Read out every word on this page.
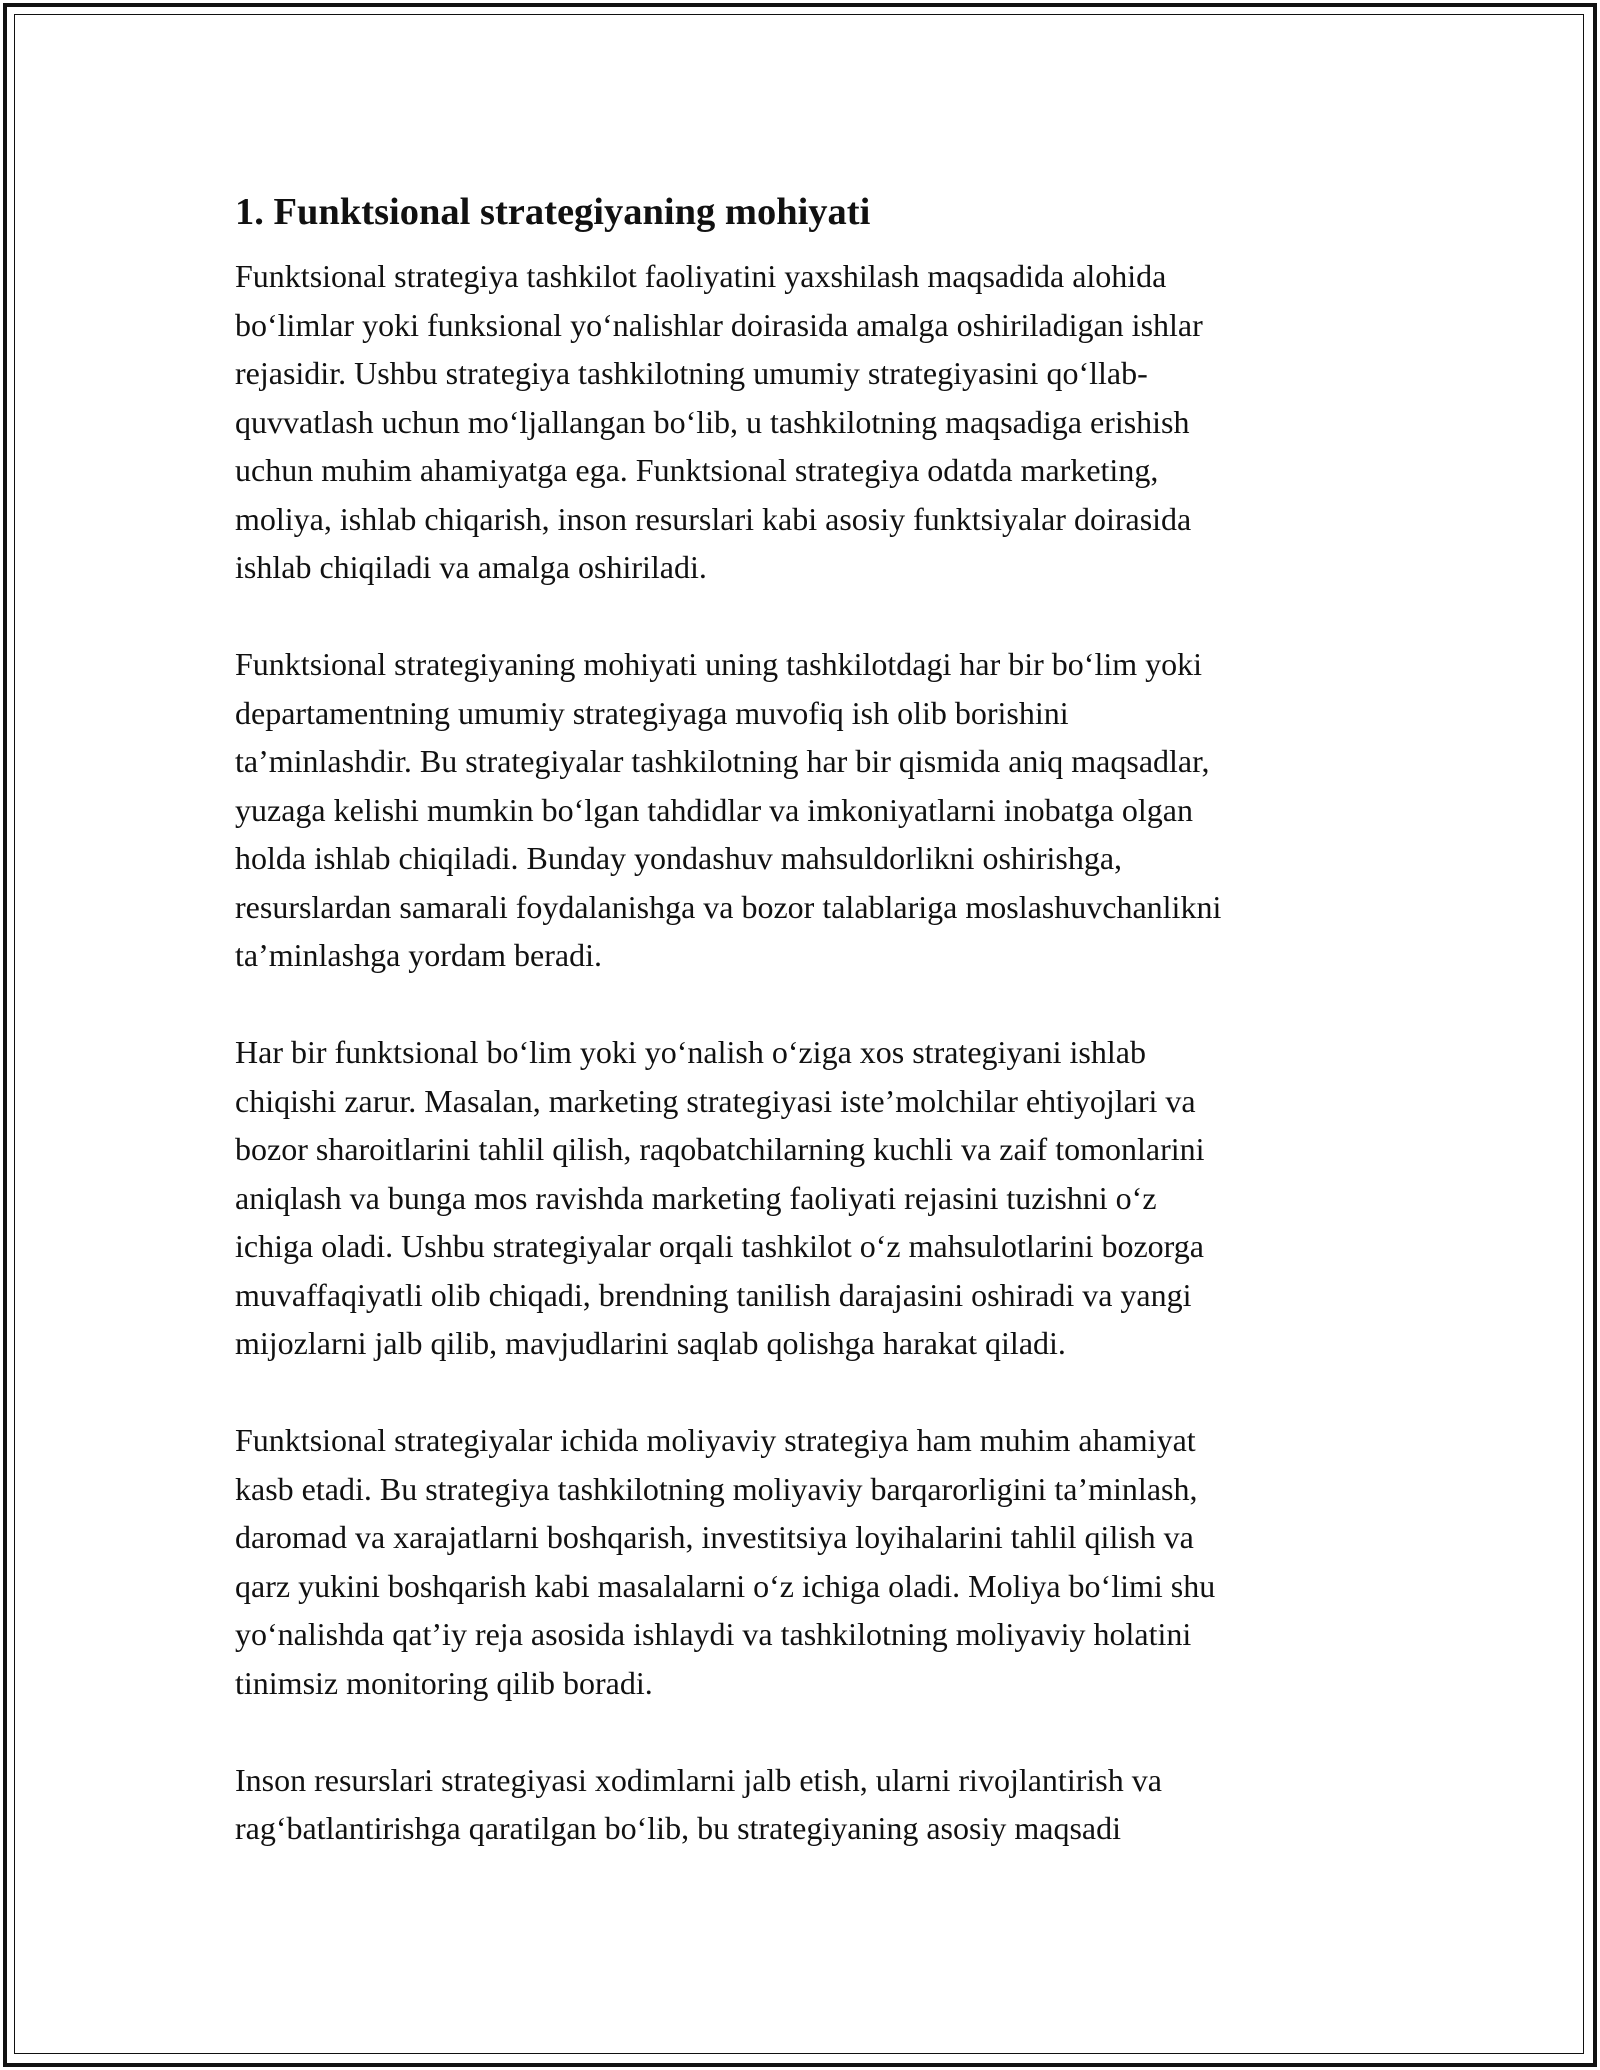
1. Funktsional strategiyaning mohiyati

Funktsional strategiya tashkilot faoliyatini yaxshilash maqsadida alohida
bo‘limlar yoki funksional yo‘nalishlar doirasida amalga oshiriladigan ishlar
rejasidir. Ushbu strategiya tashkilotning umumiy strategiyasini qo‘llab-
quvvatlash uchun mo‘ljallangan bo‘lib, u tashkilotning maqsadiga erishish
uchun muhim ahamiyatga ega. Funktsional strategiya odatda marketing,
moliya, ishlab chiqarish, inson resurslari kabi asosiy funktsiyalar doirasida
ishlab chiqiladi va amalga oshiriladi.

Funktsional strategiyaning mohiyati uning tashkilotdagi har bir bo‘lim yoki
departamentning umumiy strategiyaga muvofiq ish olib borishini
ta’minlashdir. Bu strategiyalar tashkilotning har bir qismida aniq maqsadlar,
yuzaga kelishi mumkin bo‘lgan tahdidlar va imkoniyatlarni inobatga olgan
holda ishlab chiqiladi. Bunday yondashuv mahsuldorlikni oshirishga,
resurslardan samarali foydalanishga va bozor talablariga moslashuvchanlikni
ta’minlashga yordam beradi.

Har bir funktsional bo‘lim yoki yo‘nalish o‘ziga xos strategiyani ishlab
chiqishi zarur. Masalan, marketing strategiyasi iste’molchilar ehtiyojlari va
bozor sharoitlarini tahlil qilish, raqobatchilarning kuchli va zaif tomonlarini
aniqlash va bunga mos ravishda marketing faoliyati rejasini tuzishni o‘z
ichiga oladi. Ushbu strategiyalar orqali tashkilot o‘z mahsulotlarini bozorga
muvaffaqiyatli olib chiqadi, brendning tanilish darajasini oshiradi va yangi
mijozlarni jalb qilib, mavjudlarini saqlab qolishga harakat qiladi.

Funktsional strategiyalar ichida moliyaviy strategiya ham muhim ahamiyat
kasb etadi. Bu strategiya tashkilotning moliyaviy barqarorligini ta’minlash,
daromad va xarajatlarni boshqarish, investitsiya loyihalarini tahlil qilish va
qarz yukini boshqarish kabi masalalarni o‘z ichiga oladi. Moliya bo‘limi shu
yo‘nalishda qat’iy reja asosida ishlaydi va tashkilotning moliyaviy holatini
tinimsiz monitoring qilib boradi.

Inson resurslari strategiyasi xodimlarni jalb etish, ularni rivojlantirish va
rag‘batlantirishga qaratilgan bo‘lib, bu strategiyaning asosiy maqsadi
